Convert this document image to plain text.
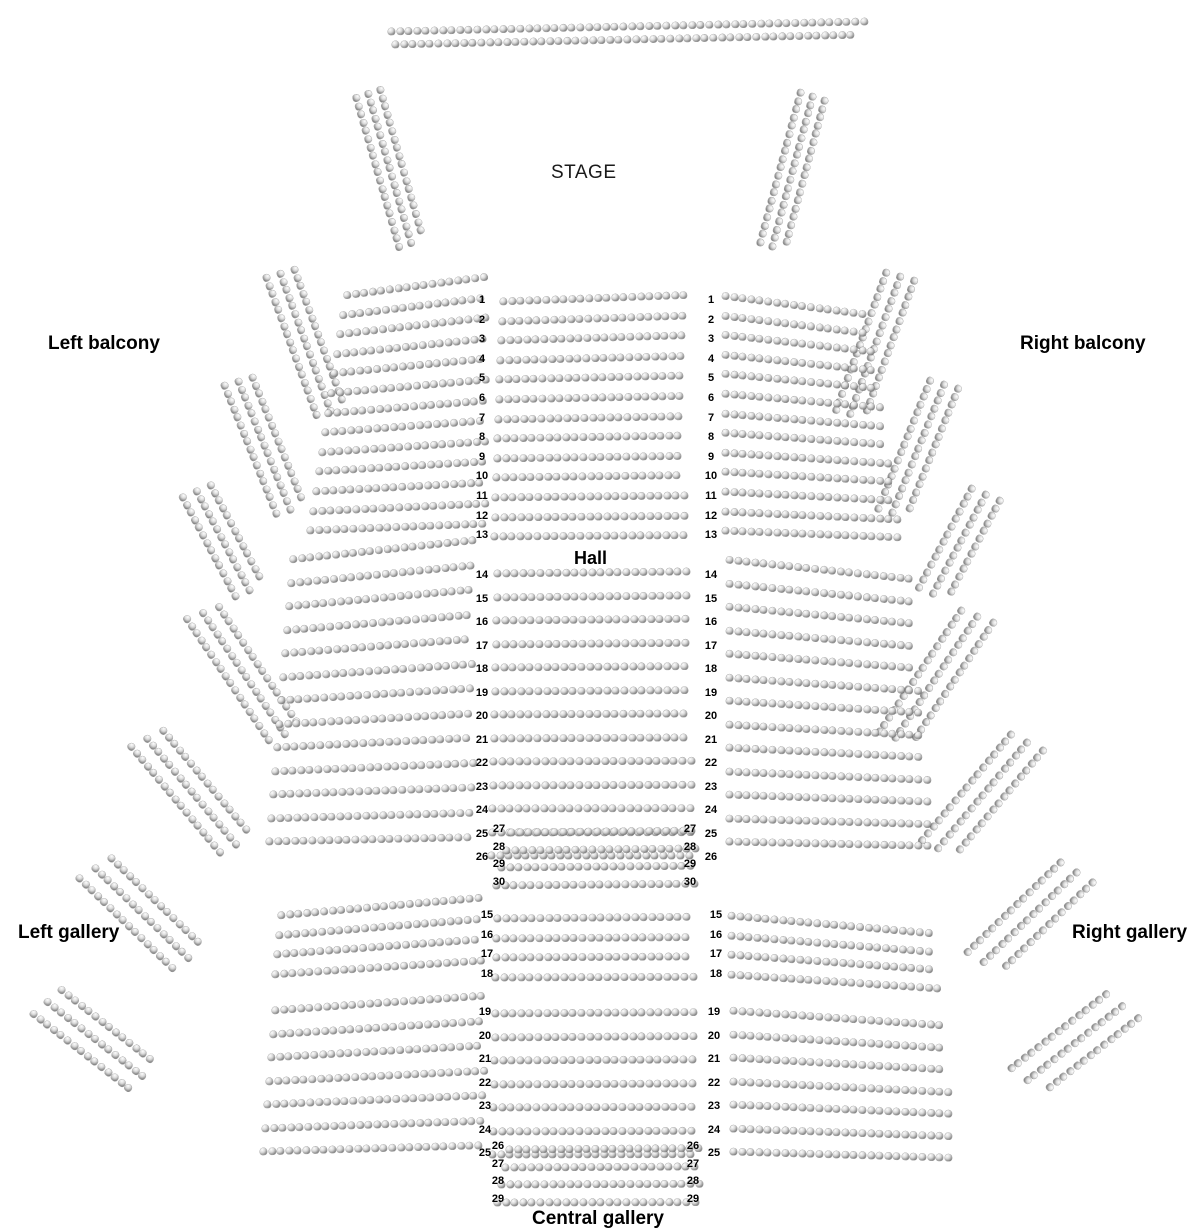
STAGE
Hall
Left balcony	Right balcony
Left gallery	Right gallery
Central gallery
1
2
3
4
5
6
7
8
9
10
11
12
13
1
2
3
4
5
6
7
8
9
10
11
12
13
14
15
16
17
18
19
20
21
22
23
24
25
26
14
15
16
17
18
19
20
21
22
23
24
25
26
27
28
29
30
27
28
29
30
15
16
17
18
15
16
17
18
19
20
21
22
23
24
25
19
20
21
22
23
24
25
26
27
28
29
26
27
28
29
